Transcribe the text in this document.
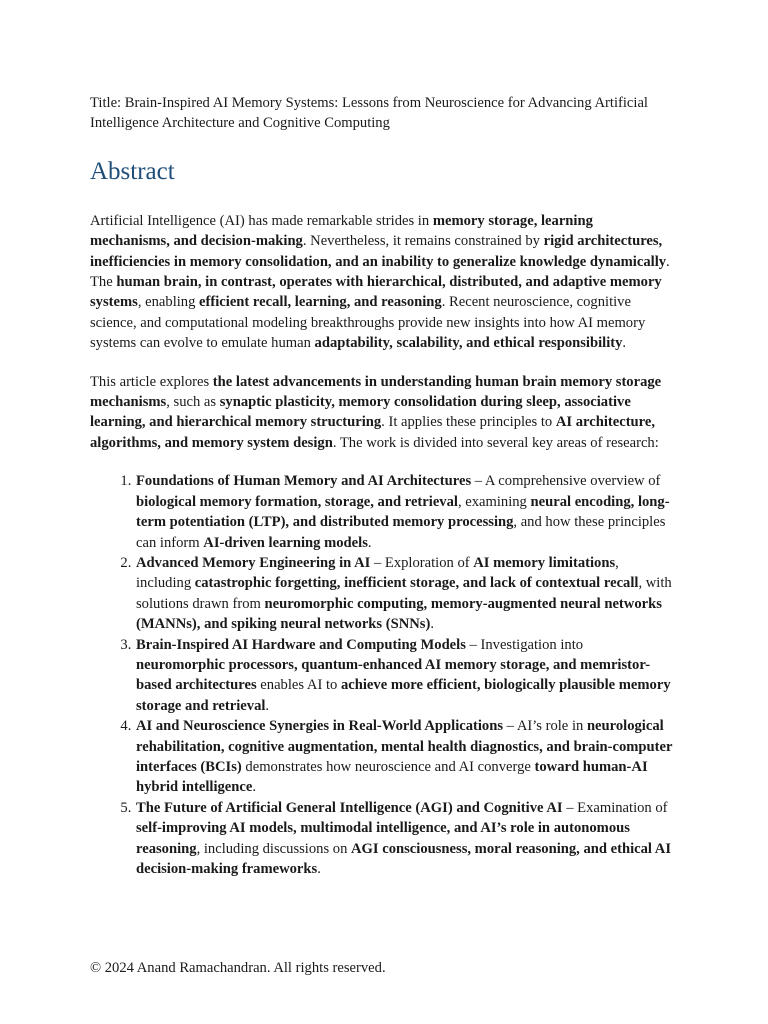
Title: Brain-Inspired AI Memory Systems: Lessons from Neuroscience for Advancing Artificial Intelligence Architecture and Cognitive Computing

Abstract

Artificial Intelligence (AI) has made remarkable strides in memory storage, learning mechanisms, and decision-making. Nevertheless, it remains constrained by rigid architectures, inefficiencies in memory consolidation, and an inability to generalize knowledge dynamically. The human brain, in contrast, operates with hierarchical, distributed, and adaptive memory systems, enabling efficient recall, learning, and reasoning. Recent neuroscience, cognitive science, and computational modeling breakthroughs provide new insights into how AI memory systems can evolve to emulate human adaptability, scalability, and ethical responsibility.

This article explores the latest advancements in understanding human brain memory storage mechanisms, such as synaptic plasticity, memory consolidation during sleep, associative learning, and hierarchical memory structuring. It applies these principles to AI architecture, algorithms, and memory system design. The work is divided into several key areas of research:

1. Foundations of Human Memory and AI Architectures – A comprehensive overview of biological memory formation, storage, and retrieval, examining neural encoding, long-term potentiation (LTP), and distributed memory processing, and how these principles can inform AI-driven learning models.
2. Advanced Memory Engineering in AI – Exploration of AI memory limitations, including catastrophic forgetting, inefficient storage, and lack of contextual recall, with solutions drawn from neuromorphic computing, memory-augmented neural networks (MANNs), and spiking neural networks (SNNs).
3. Brain-Inspired AI Hardware and Computing Models – Investigation into neuromorphic processors, quantum-enhanced AI memory storage, and memristor-based architectures enables AI to achieve more efficient, biologically plausible memory storage and retrieval.
4. AI and Neuroscience Synergies in Real-World Applications – AI’s role in neurological rehabilitation, cognitive augmentation, mental health diagnostics, and brain-computer interfaces (BCIs) demonstrates how neuroscience and AI converge toward human-AI hybrid intelligence.
5. The Future of Artificial General Intelligence (AGI) and Cognitive AI – Examination of self-improving AI models, multimodal intelligence, and AI’s role in autonomous reasoning, including discussions on AGI consciousness, moral reasoning, and ethical AI decision-making frameworks.

© 2024 Anand Ramachandran. All rights reserved.
